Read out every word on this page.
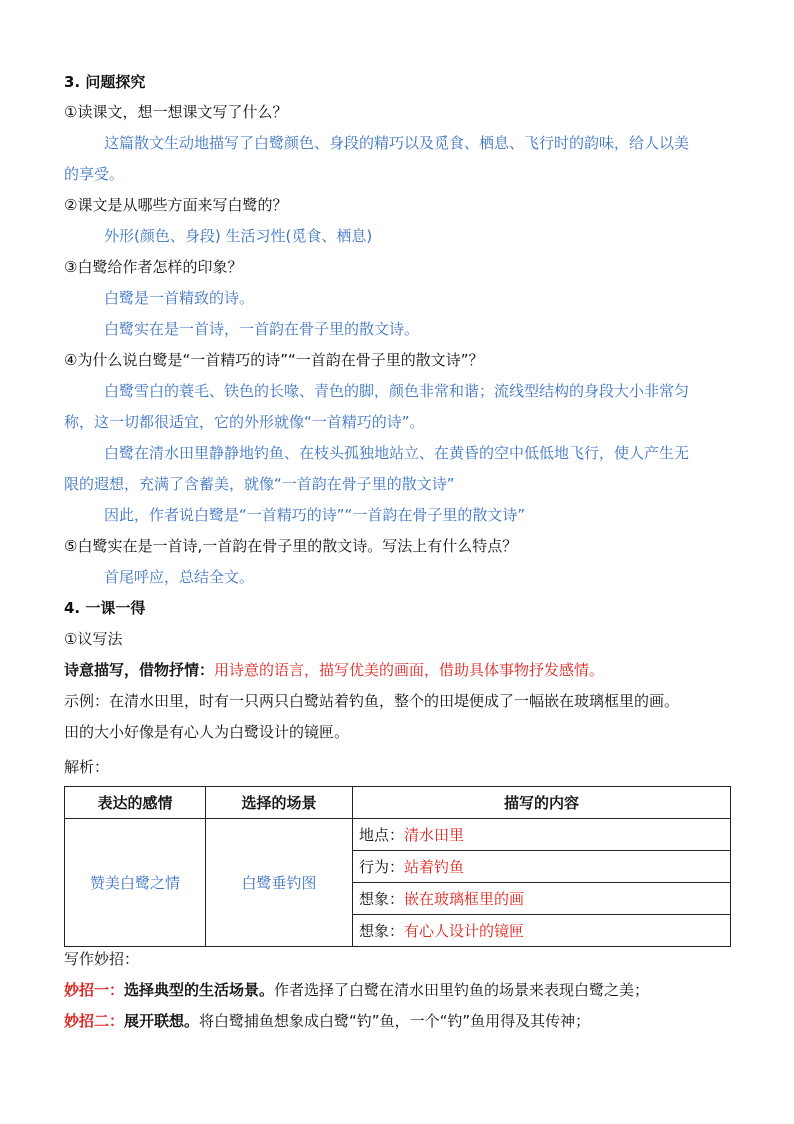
3. 问题探究
①读课文，想一想课文写了什么？
这篇散文生动地描写了白鹭颜色、身段的精巧以及觅食、栖息、飞行时的韵味，给人以美
的享受。
②课文是从哪些方面来写白鹭的？
外形(颜色、身段) 生活习性(觅食、栖息)
③白鹭给作者怎样的印象？
白鹭是一首精致的诗。
白鹭实在是一首诗，一首韵在骨子里的散文诗。
④为什么说白鹭是“一首精巧的诗”“一首韵在骨子里的散文诗”？
白鹭雪白的蓑毛、铁色的长喙、青色的脚，颜色非常和谐；流线型结构的身段大小非常匀
称，这一切都很适宜，它的外形就像“一首精巧的诗”。
白鹭在清水田里静静地钓鱼、在枝头孤独地站立、在黄昏的空中低低地飞行，使人产生无
限的遐想，充满了含蓄美，就像“一首韵在骨子里的散文诗”
因此，作者说白鹭是“一首精巧的诗”“一首韵在骨子里的散文诗”
⑤白鹭实在是一首诗,一首韵在骨子里的散文诗。写法上有什么特点？
首尾呼应，总结全文。
4. 一课一得
①议写法
诗意描写，借物抒情：用诗意的语言，描写优美的画面，借助具体事物抒发感情。
示例：在清水田里，时有一只两只白鹭站着钓鱼，整个的田堤便成了一幅嵌在玻璃框里的画。
田的大小好像是有心人为白鹭设计的镜匣。
解析：
表达的感情	选择的场景	描写的内容
赞美白鹭之情	白鹭垂钓图	地点：清水田里
		行为：站着钓鱼
		想象：嵌在玻璃框里的画
		想象：有心人设计的镜匣
写作妙招：
妙招一：选择典型的生活场景。作者选择了白鹭在清水田里钓鱼的场景来表现白鹭之美；
妙招二：展开联想。将白鹭捕鱼想象成白鹭“钓”鱼，一个“钓”鱼用得及其传神；
